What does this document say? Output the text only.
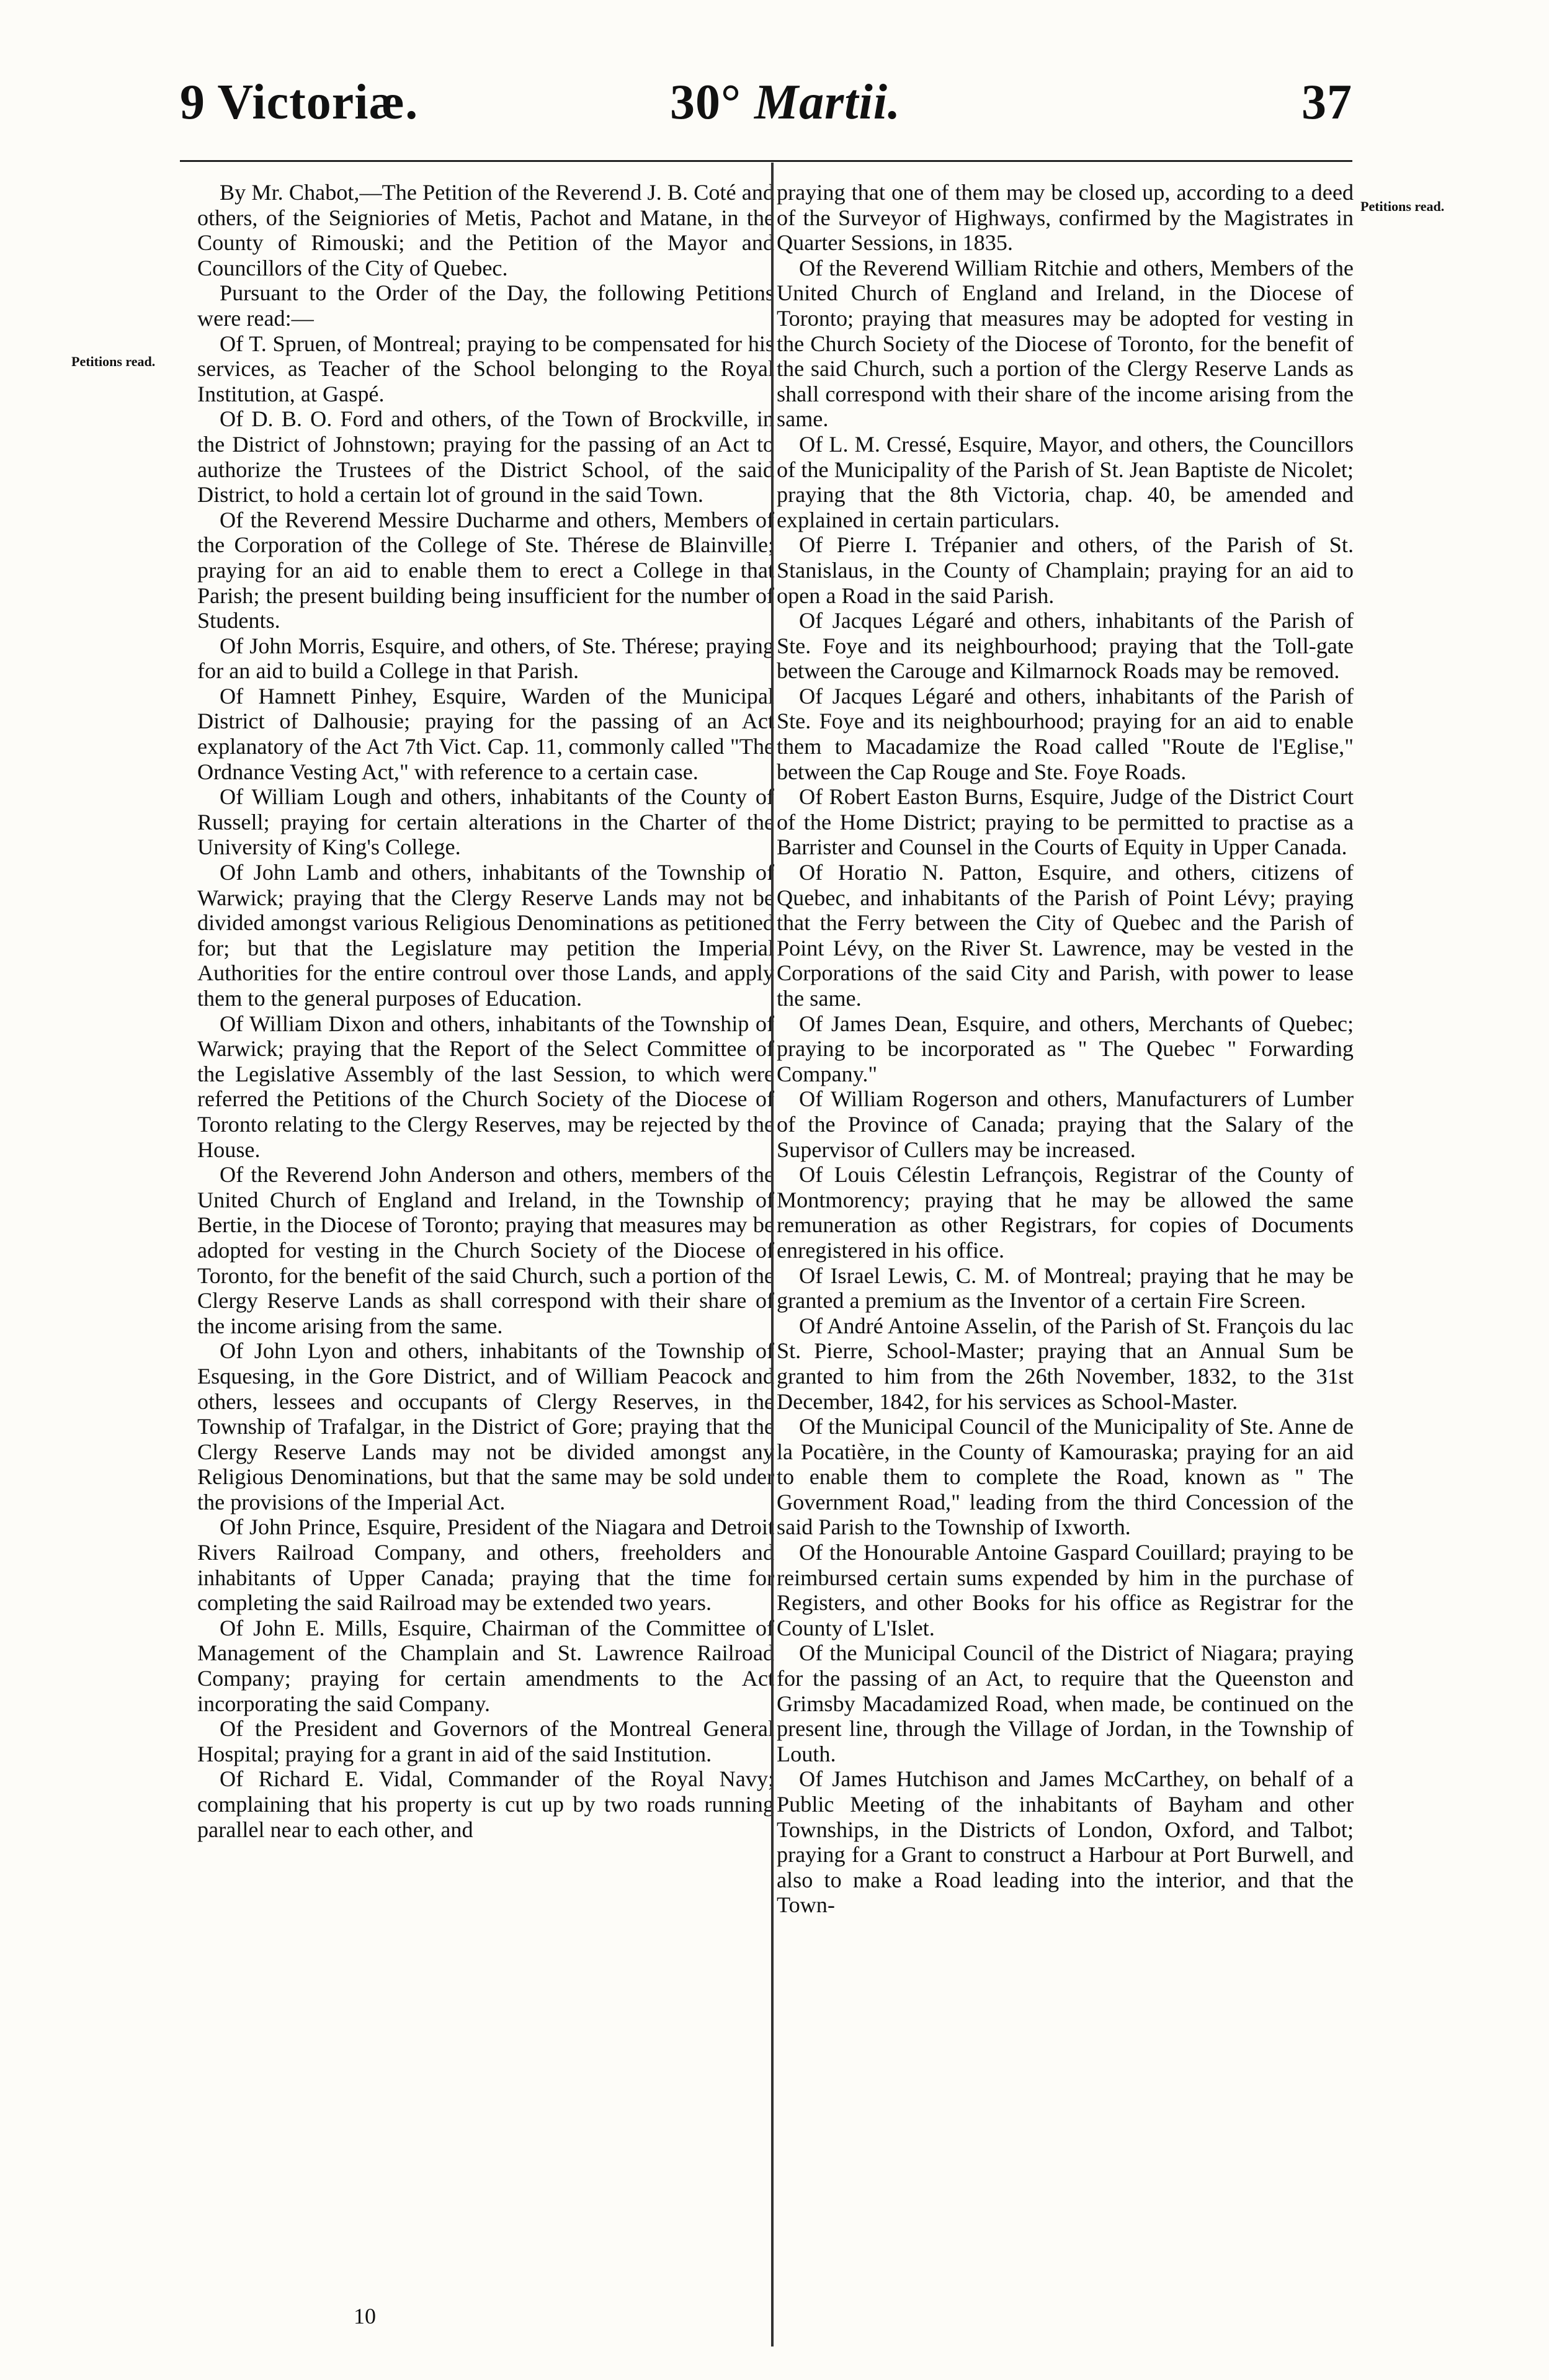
9 Victoriæ.	30° Martii.	37
Petitions read.
Petitions read.

By Mr. Chabot,—The Petition of the Reverend J. B. Coté and others, of the Seigniories of Metis, Pachot and Matane, in the County of Rimouski; and the Petition of the Mayor and Councillors of the City of Quebec.

Pursuant to the Order of the Day, the following Petitions were read:—

Of T. Spruen, of Montreal; praying to be compensated for his services, as Teacher of the School belonging to the Royal Institution, at Gaspé.

Of D. B. O. Ford and others, of the Town of Brockville, in the District of Johnstown; praying for the passing of an Act to authorize the Trustees of the District School, of the said District, to hold a certain lot of ground in the said Town.

Of the Reverend Messire Ducharme and others, Members of the Corporation of the College of Ste. Thérese de Blainville; praying for an aid to enable them to erect a College in that Parish; the present building being insufficient for the number of Students.

Of John Morris, Esquire, and others, of Ste. Thérese; praying for an aid to build a College in that Parish.

Of Hamnett Pinhey, Esquire, Warden of the Municipal District of Dalhousie; praying for the passing of an Act explanatory of the Act 7th Vict. Cap. 11, commonly called "The Ordnance Vesting Act," with reference to a certain case.

Of William Lough and others, inhabitants of the County of Russell; praying for certain alterations in the Charter of the University of King's College.

Of John Lamb and others, inhabitants of the Township of Warwick; praying that the Clergy Reserve Lands may not be divided amongst various Religious Denominations as petitioned for; but that the Legislature may petition the Imperial Authorities for the entire controul over those Lands, and apply them to the general purposes of Education.

Of William Dixon and others, inhabitants of the Township of Warwick; praying that the Report of the Select Committee of the Legislative Assembly of the last Session, to which were referred the Petitions of the Church Society of the Diocese of Toronto relating to the Clergy Reserves, may be rejected by the House.

Of the Reverend John Anderson and others, members of the United Church of England and Ireland, in the Township of Bertie, in the Diocese of Toronto; praying that measures may be adopted for vesting in the Church Society of the Diocese of Toronto, for the benefit of the said Church, such a portion of the Clergy Reserve Lands as shall correspond with their share of the income arising from the same.

Of John Lyon and others, inhabitants of the Township of Esquesing, in the Gore District, and of William Peacock and others, lessees and occupants of Clergy Reserves, in the Township of Trafalgar, in the District of Gore; praying that the Clergy Reserve Lands may not be divided amongst any Religious Denominations, but that the same may be sold under the provisions of the Imperial Act.

Of John Prince, Esquire, President of the Niagara and Detroit Rivers Railroad Company, and others, freeholders and inhabitants of Upper Canada; praying that the time for completing the said Railroad may be extended two years.

Of John E. Mills, Esquire, Chairman of the Committee of Management of the Champlain and St. Lawrence Railroad Company; praying for certain amendments to the Act incorporating the said Company.

Of the President and Governors of the Montreal General Hospital; praying for a grant in aid of the said Institution.

Of Richard E. Vidal, Commander of the Royal Navy; complaining that his property is cut up by two roads running parallel near to each other, and

praying that one of them may be closed up, according to a deed of the Surveyor of Highways, confirmed by the Magistrates in Quarter Sessions, in 1835.

Of the Reverend William Ritchie and others, Members of the United Church of England and Ireland, in the Diocese of Toronto; praying that measures may be adopted for vesting in the Church Society of the Diocese of Toronto, for the benefit of the said Church, such a portion of the Clergy Reserve Lands as shall correspond with their share of the income arising from the same.

Of L. M. Cressé, Esquire, Mayor, and others, the Councillors of the Municipality of the Parish of St. Jean Baptiste de Nicolet; praying that the 8th Victoria, chap. 40, be amended and explained in certain particulars.

Of Pierre I. Trépanier and others, of the Parish of St. Stanislaus, in the County of Champlain; praying for an aid to open a Road in the said Parish.

Of Jacques Légaré and others, inhabitants of the Parish of Ste. Foye and its neighbourhood; praying that the Toll-gate between the Carouge and Kilmarnock Roads may be removed.

Of Jacques Légaré and others, inhabitants of the Parish of Ste. Foye and its neighbourhood; praying for an aid to enable them to Macadamize the Road called "Route de l'Eglise," between the Cap Rouge and Ste. Foye Roads.

Of Robert Easton Burns, Esquire, Judge of the District Court of the Home District; praying to be permitted to practise as a Barrister and Counsel in the Courts of Equity in Upper Canada.

Of Horatio N. Patton, Esquire, and others, citizens of Quebec, and inhabitants of the Parish of Point Lévy; praying that the Ferry between the City of Quebec and the Parish of Point Lévy, on the River St. Lawrence, may be vested in the Corporations of the said City and Parish, with power to lease the same.

Of James Dean, Esquire, and others, Merchants of Quebec; praying to be incorporated as " The Quebec " Forwarding Company."

Of William Rogerson and others, Manufacturers of Lumber of the Province of Canada; praying that the Salary of the Supervisor of Cullers may be increased.

Of Louis Célestin Lefrançois, Registrar of the County of Montmorency; praying that he may be allowed the same remuneration as other Registrars, for copies of Documents enregistered in his office.

Of Israel Lewis, C. M. of Montreal; praying that he may be granted a premium as the Inventor of a certain Fire Screen.

Of André Antoine Asselin, of the Parish of St. François du lac St. Pierre, School-Master; praying that an Annual Sum be granted to him from the 26th November, 1832, to the 31st December, 1842, for his services as School-Master.

Of the Municipal Council of the Municipality of Ste. Anne de la Pocatière, in the County of Kamouraska; praying for an aid to enable them to complete the Road, known as " The Government Road," leading from the third Concession of the said Parish to the Township of Ixworth.

Of the Honourable Antoine Gaspard Couillard; praying to be reimbursed certain sums expended by him in the purchase of Registers, and other Books for his office as Registrar for the County of L'Islet.

Of the Municipal Council of the District of Niagara; praying for the passing of an Act, to require that the Queenston and Grimsby Macadamized Road, when made, be continued on the present line, through the Village of Jordan, in the Township of Louth.

Of James Hutchison and James McCarthey, on behalf of a Public Meeting of the inhabitants of Bayham and other Townships, in the Districts of London, Oxford, and Talbot; praying for a Grant to construct a Harbour at Port Burwell, and also to make a Road leading into the interior, and that the Town-

10
